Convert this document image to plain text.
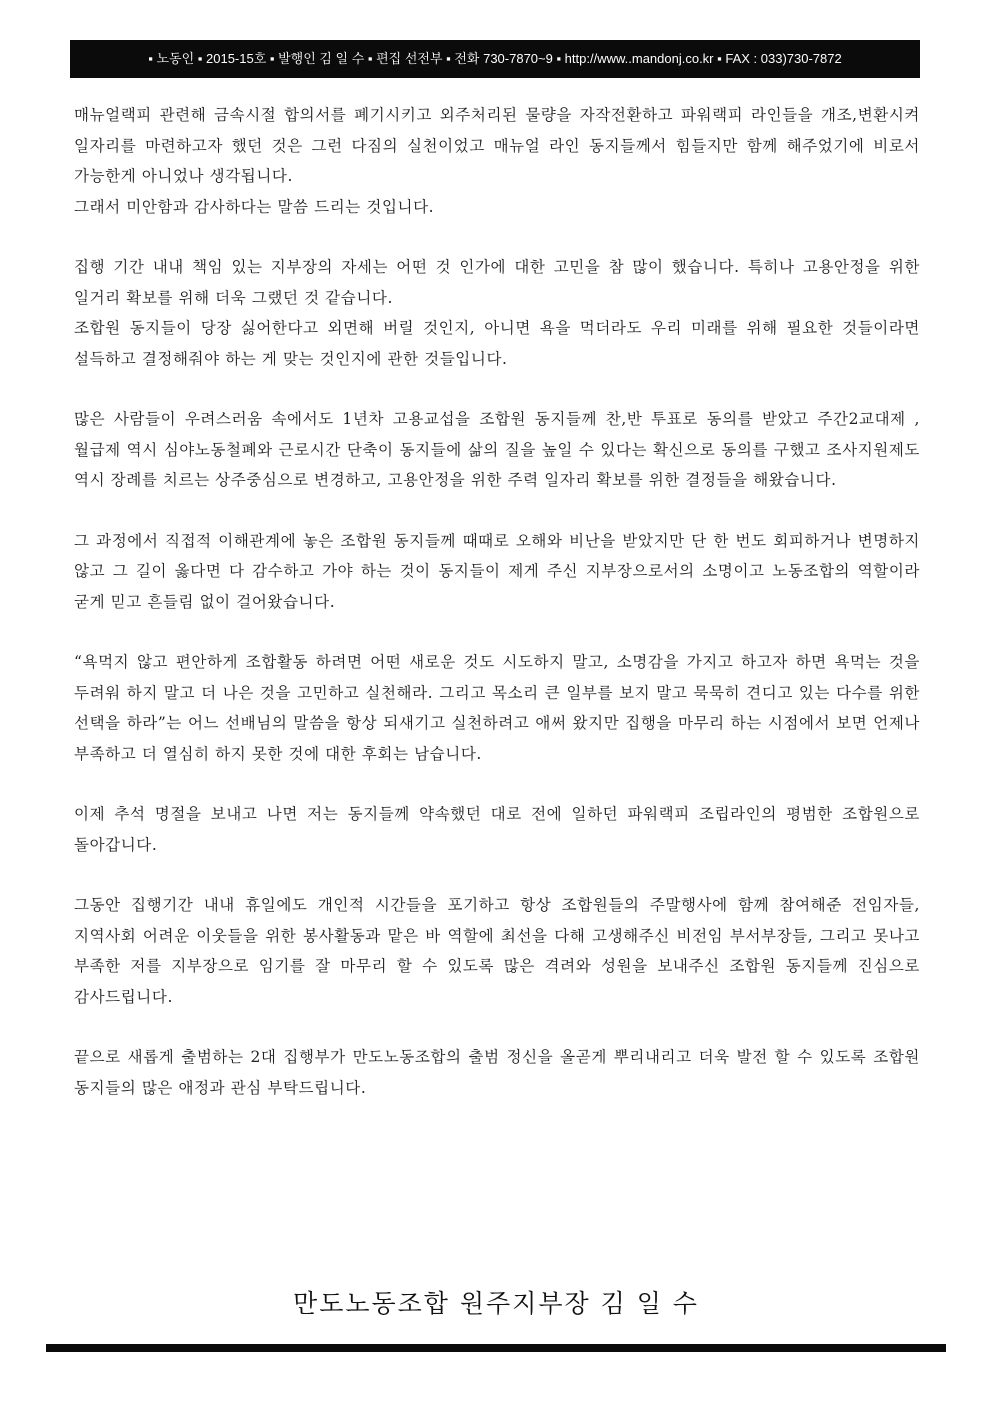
▪ 노동인 ▪ 2015-15호 ▪ 발행인 김 일 수 ▪ 편집 선전부 ▪ 전화 730-7870~9 ▪ http://www..mandonj.co.kr ▪ FAX : 033)730-7872

매뉴얼랙피 관련해 금속시절 합의서를 폐기시키고 외주처리된 물량을 자작전환하고 파워랙피 라인들을 개조,변환시켜 일자리를 마련하고자 했던 것은 그런 다짐의 실천이었고 매뉴얼 라인 동지들께서 힘들지만 함께 해주었기에 비로서 가능한게 아니었나 생각됩니다.

그래서 미안함과 감사하다는 말씀 드리는 것입니다.

집행 기간 내내 책임 있는 지부장의 자세는 어떤 것 인가에 대한 고민을 참 많이 했습니다. 특히나 고용안정을 위한 일거리 확보를 위해 더욱 그랬던 것 같습니다.

조합원 동지들이 당장 싫어한다고 외면해 버릴 것인지, 아니면 욕을 먹더라도 우리 미래를 위해 필요한 것들이라면 설득하고 결정해줘야 하는 게 맞는 것인지에 관한 것들입니다.

많은 사람들이 우려스러움 속에서도 1년차 고용교섭을 조합원 동지들께 찬,반 투표로 동의를 받았고 주간2교대제 ,월급제 역시 심야노동철폐와 근로시간 단축이 동지들에 삶의 질을 높일 수 있다는 확신으로 동의를 구했고 조사지원제도 역시 장례를 치르는 상주중심으로 변경하고, 고용안정을 위한 주력 일자리 확보를 위한 결정들을 해왔습니다.

그 과정에서 직접적 이해관계에 놓은 조합원 동지들께 때때로 오해와 비난을 받았지만 단 한 번도 회피하거나 변명하지 않고 그 길이 옳다면 다 감수하고 가야 하는 것이 동지들이 제게 주신 지부장으로서의 소명이고 노동조합의 역할이라 굳게 믿고 흔들림 없이 걸어왔습니다.

“욕먹지 않고 편안하게 조합활동 하려면 어떤 새로운 것도 시도하지 말고, 소명감을 가지고 하고자 하면 욕먹는 것을 두려워 하지 말고 더 나은 것을 고민하고 실천해라. 그리고 목소리 큰 일부를 보지 말고 묵묵히 견디고 있는 다수를 위한 선택을 하라”는 어느 선배님의 말씀을 항상 되새기고 실천하려고 애써 왔지만 집행을 마무리 하는 시점에서 보면 언제나 부족하고 더 열심히 하지 못한 것에 대한 후회는 남습니다.

이제 추석 명절을 보내고 나면 저는 동지들께 약속했던 대로 전에 일하던 파워랙피 조립라인의 평범한 조합원으로 돌아갑니다.

그동안 집행기간 내내 휴일에도 개인적 시간들을 포기하고 항상 조합원들의 주말행사에 함께 참여해준 전임자들, 지역사회 어려운 이웃들을 위한 봉사활동과 맡은 바 역할에 최선을 다해 고생해주신 비전임 부서부장들, 그리고 못나고 부족한 저를 지부장으로 임기를 잘 마무리 할 수 있도록 많은 격려와 성원을 보내주신 조합원 동지들께 진심으로 감사드립니다.

끝으로 새롭게 출범하는 2대 집행부가 만도노동조합의 출범 정신을 올곧게 뿌리내리고 더욱 발전 할 수 있도록 조합원 동지들의 많은 애정과 관심 부탁드립니다.

만도노동조합 원주지부장 김 일 수
